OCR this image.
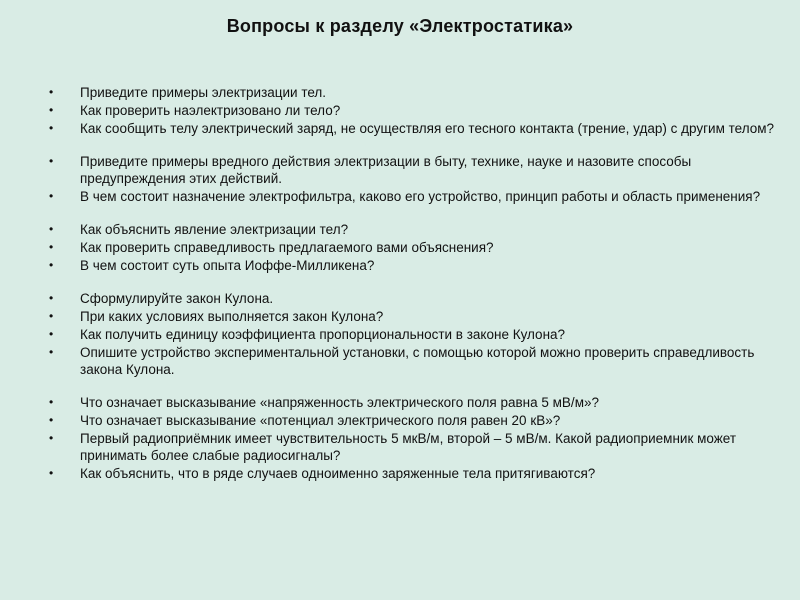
Вопросы к разделу «Электростатика»
• Приведите примеры электризации тел.
• Как проверить наэлектризовано ли тело?
• Как сообщить телу электрический заряд, не осуществляя его тесного контакта (трение, удар) с другим телом?
• Приведите примеры вредного действия электризации в быту, технике, науке и назовите способы предупреждения этих действий.
• В чем состоит назначение электрофильтра, каково его устройство, принцип работы и область применения?
• Как объяснить явление электризации тел?
• Как проверить справедливость предлагаемого вами объяснения?
• В чем состоит суть опыта Иоффе-Милликена?
• Сформулируйте закон Кулона.
• При каких условиях выполняется закон Кулона?
• Как получить единицу коэффициента пропорциональности в законе Кулона?
• Опишите устройство экспериментальной установки, с помощью которой можно проверить справедливость закона Кулона.
• Что означает высказывание «напряженность электрического поля равна 5 мВ/м»?
• Что означает высказывание «потенциал электрического поля равен 20 кВ»?
• Первый радиоприёмник имеет чувствительность 5 мкВ/м, второй – 5 мВ/м. Какой радиоприемник может принимать более слабые радиосигналы?
• Как объяснить, что в ряде случаев одноименно заряженные тела притягиваются?
